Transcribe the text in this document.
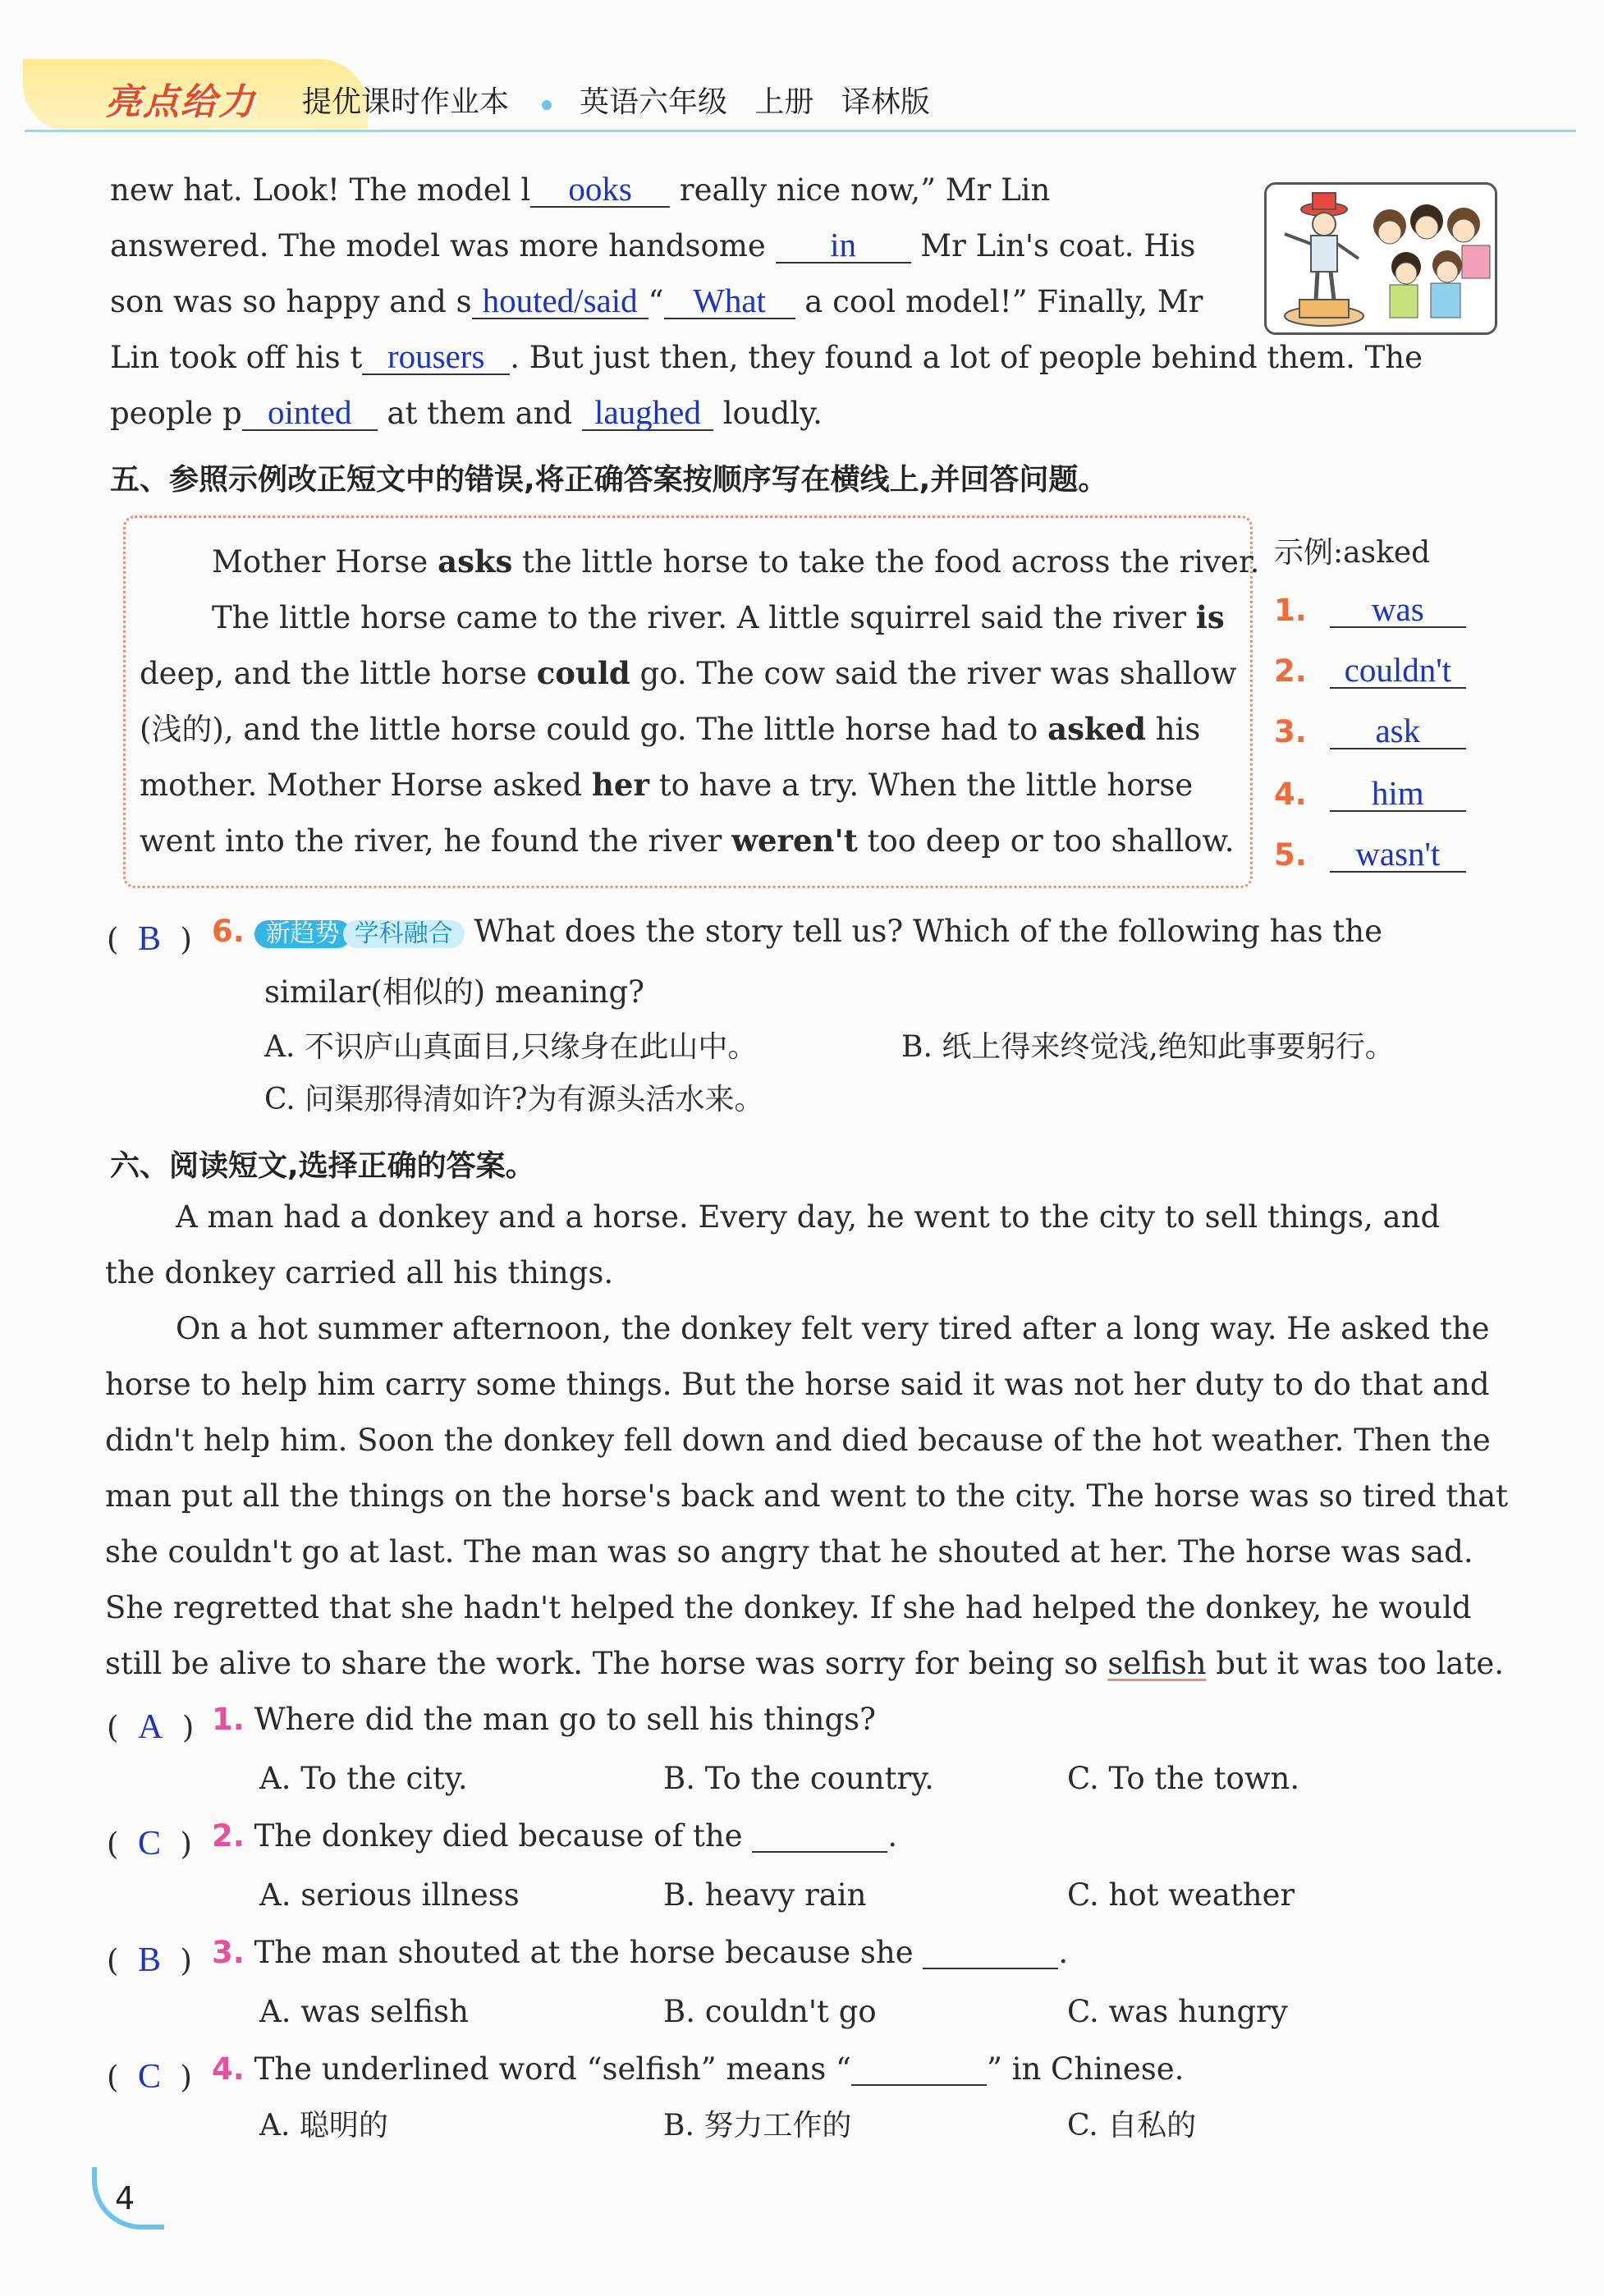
亮点给力 提优课时作业本 英语六年级 上册 译林版
new hat. Look! The model l ooks really nice now,” Mr Lin
answered. The model was more handsome in Mr Lin's coat. His
son was so happy and s houted/said “ What a cool model!” Finally, Mr
Lin took off his t rousers . But just then, they found a lot of people behind them. The
people p ointed at them and laughed loudly.
五、参照示例改正短文中的错误,将正确答案按顺序写在横线上,并回答问题。
Mother Horse asks the little horse to take the food across the river.
The little horse came to the river. A little squirrel said the river is
deep, and the little horse could go. The cow said the river was shallow
(浅的), and the little horse could go. The little horse had to asked his
mother. Mother Horse asked her to have a try. When the little horse
went into the river, he found the river weren't too deep or too shallow.
示例:asked
1. was
2. couldn't
3. ask
4. him
5. wasn't
(  B  ) 6. 新趋势 学科融合 What does the story tell us? Which of the following has the
similar(相似的) meaning?
A. 不识庐山真面目,只缘身在此山中。	B. 纸上得来终觉浅,绝知此事要躬行。
C. 问渠那得清如许?为有源头活水来。
六、阅读短文,选择正确的答案。
A man had a donkey and a horse. Every day, he went to the city to sell things, and
the donkey carried all his things.
On a hot summer afternoon, the donkey felt very tired after a long way. He asked the
horse to help him carry some things. But the horse said it was not her duty to do that and
didn't help him. Soon the donkey fell down and died because of the hot weather. Then the
man put all the things on the horse's back and went to the city. The horse was so tired that
she couldn't go at last. The man was so angry that he shouted at her. The horse was sad.
She regretted that she hadn't helped the donkey. If she had helped the donkey, he would
still be alive to share the work. The horse was sorry for being so selfish but it was too late.
(  A  ) 1. Where did the man go to sell his things?
A. To the city.	B. To the country.	C. To the town.
(  C  ) 2. The donkey died because of the	.
A. serious illness	B. heavy rain	C. hot weather
(  B  ) 3. The man shouted at the horse because she	.
A. was selfish	B. couldn't go	C. was hungry
(  C  ) 4. The underlined word “selfish” means “	” in Chinese.
A. 聪明的	B. 努力工作的	C. 自私的
4
